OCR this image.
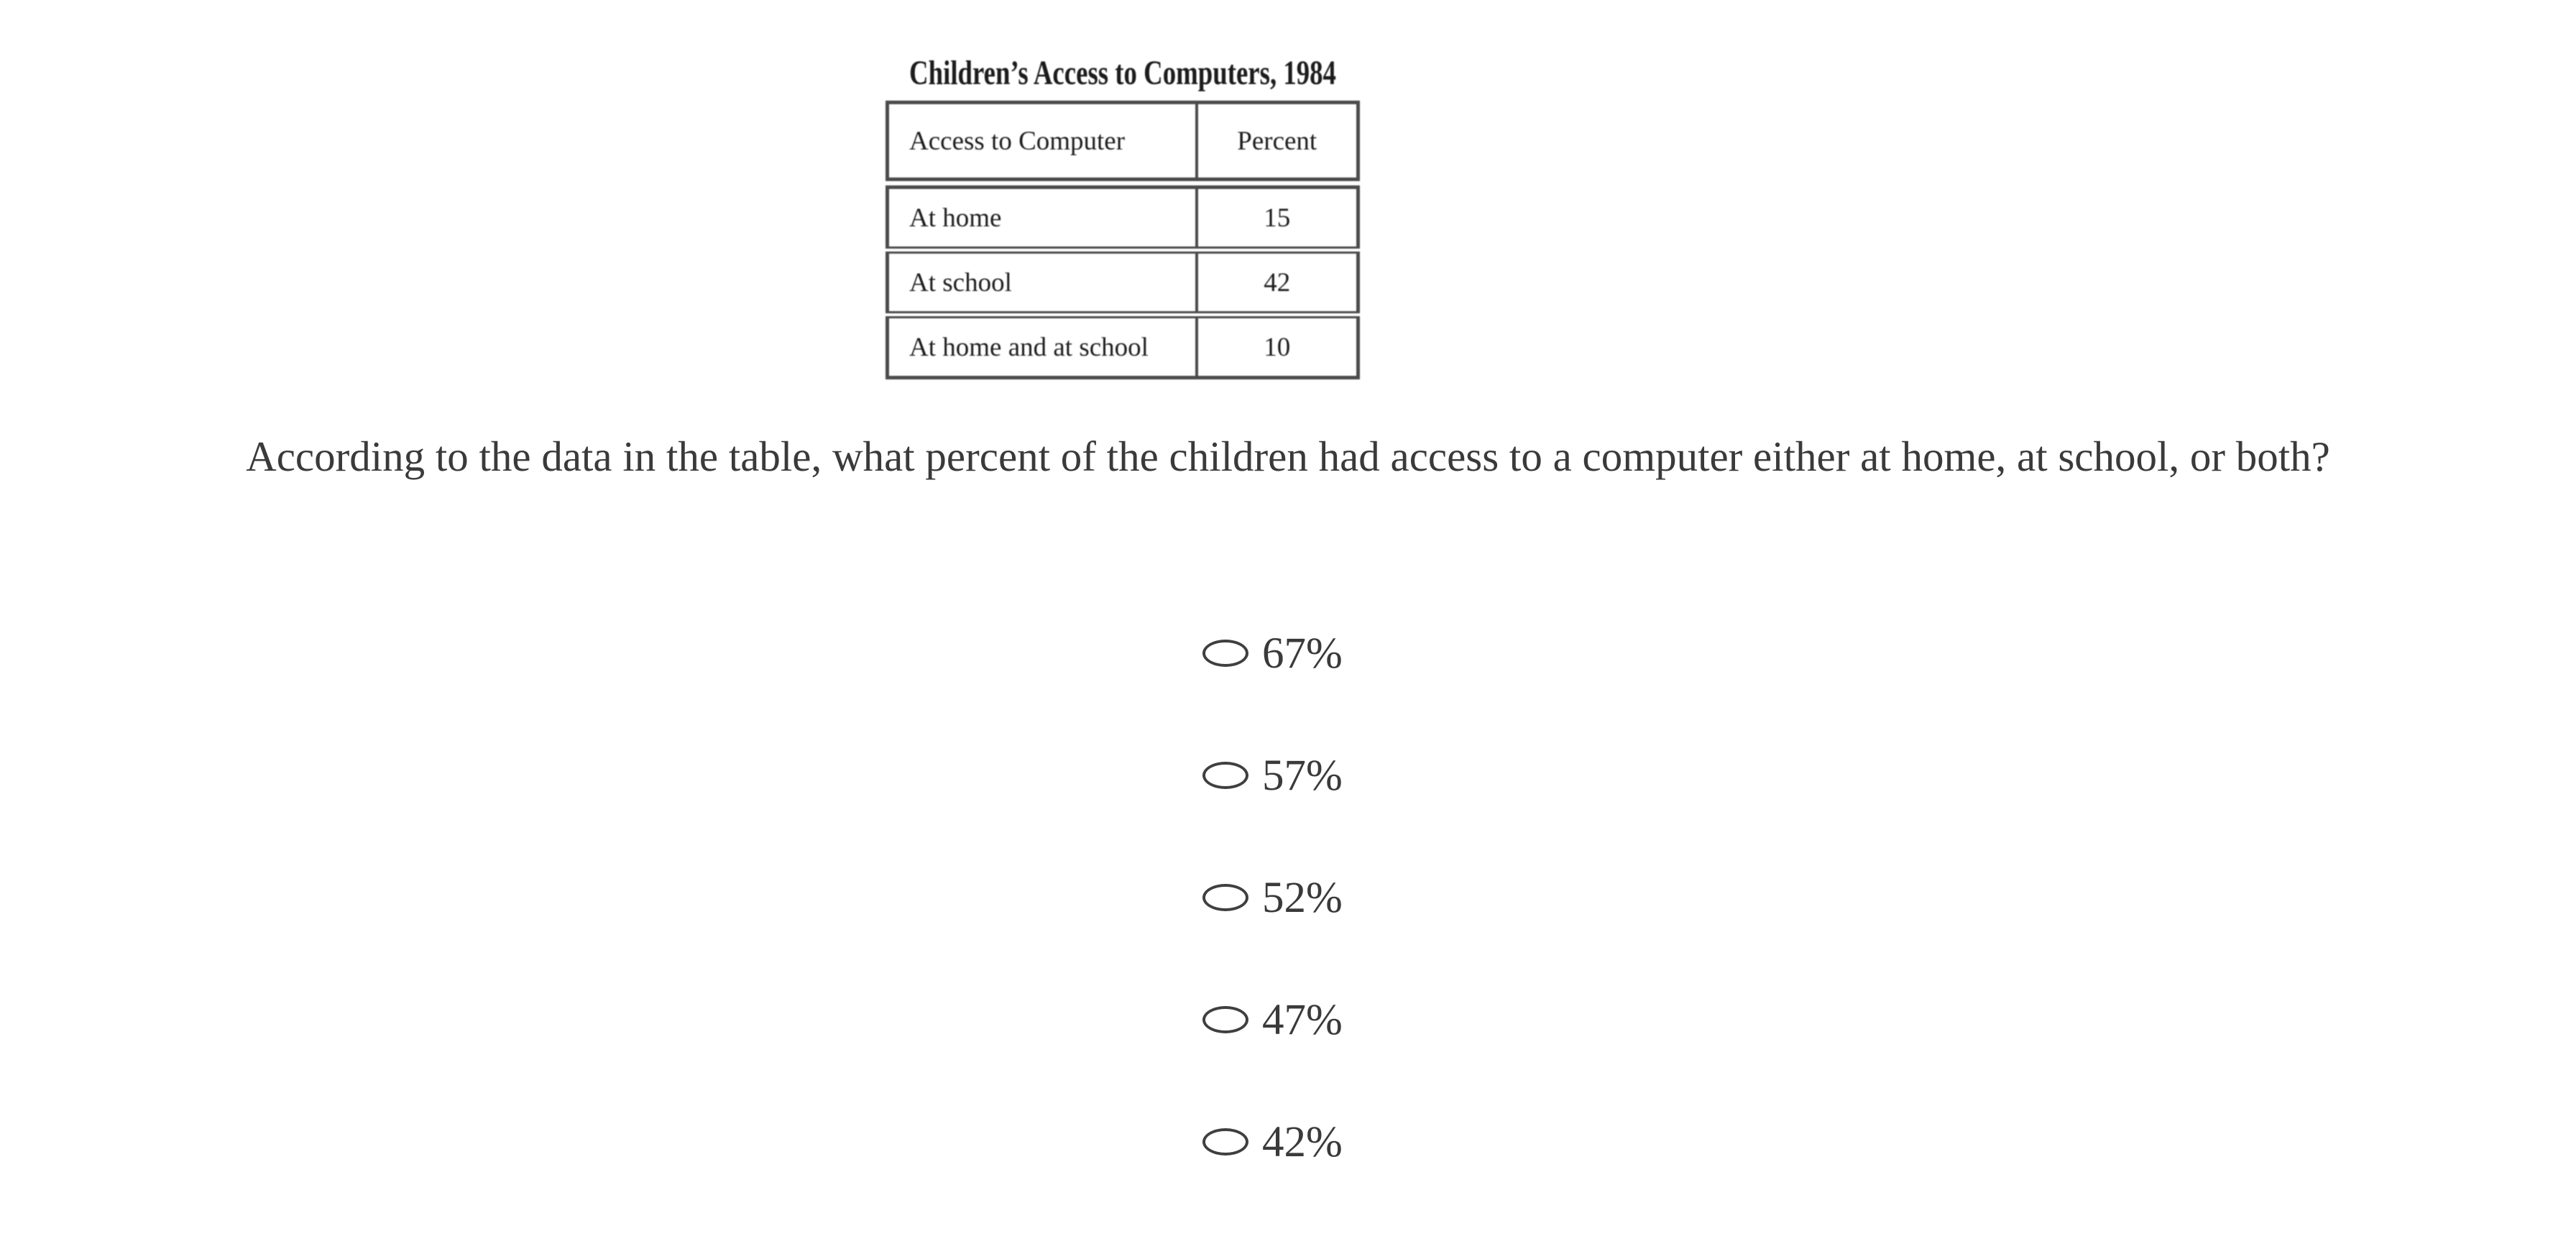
Children’s Access to Computers, 1984
Access to Computer	Percent
At home	15
At school	42
At home and at school	10
According to the data in the table, what percent of the children had access to a computer either at home, at school, or both?
67%
57%
52%
47%
42%
